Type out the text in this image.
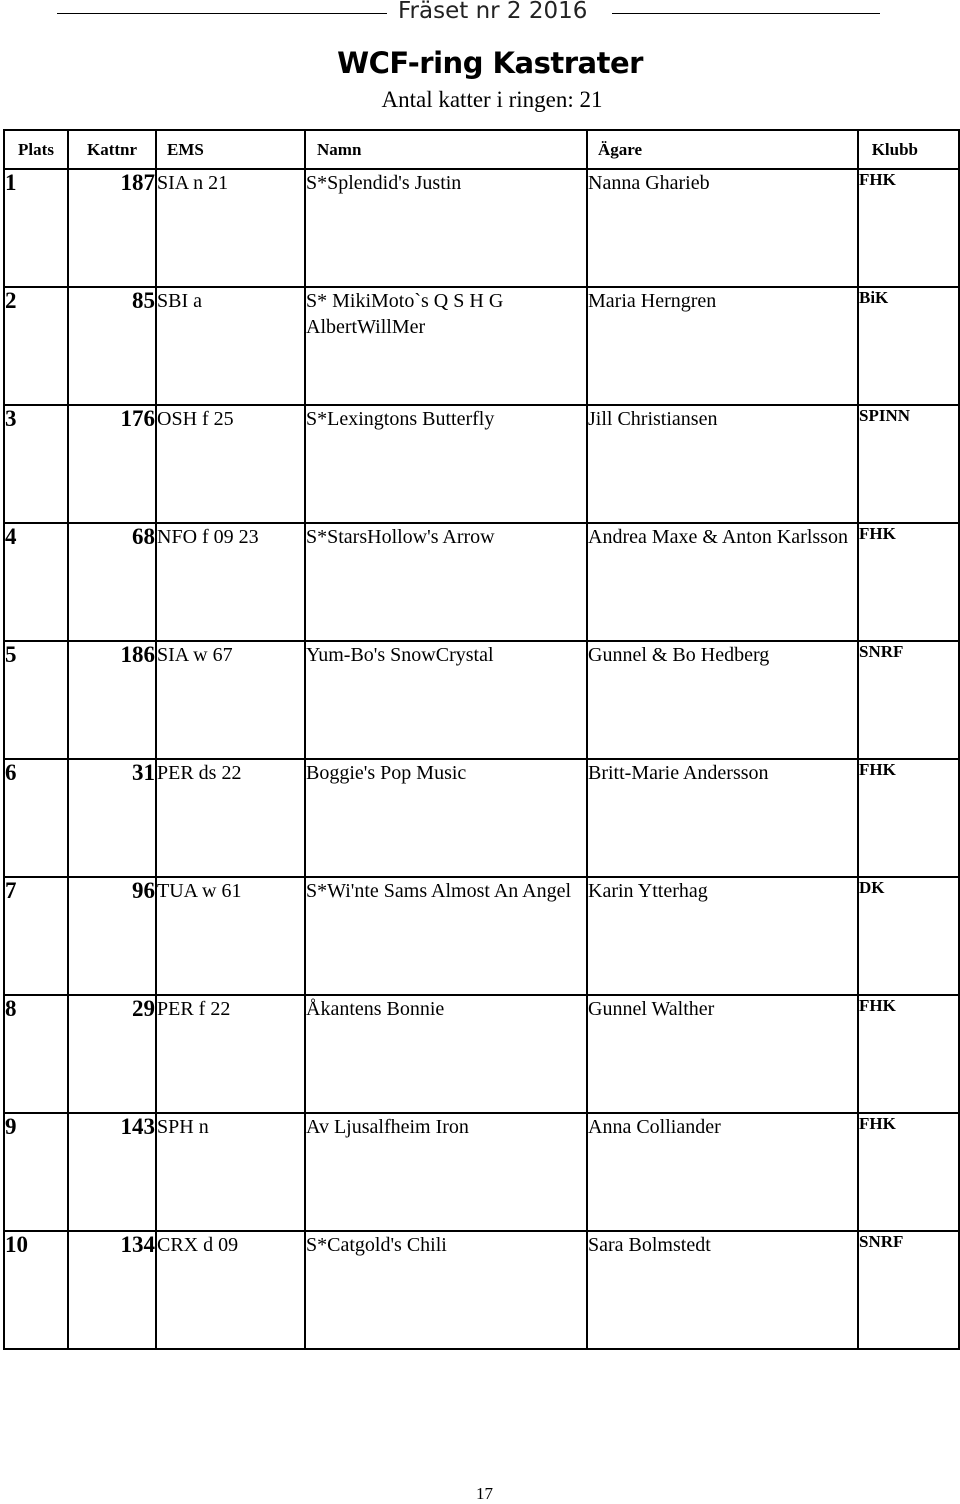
Fräset nr 2 2016
WCF-ring Kastrater
Antal katter i ringen: 21
Plats	Kattnr	EMS	Namn	Ägare	Klubb
1	187	SIA n 21	S*Splendid's Justin	Nanna Gharieb	FHK
2	85	SBI a	S* MikiMoto`s Q S H G AlbertWillMer	Maria Herngren	BiK
3	176	OSH f 25	S*Lexingtons Butterfly	Jill Christiansen	SPINN
4	68	NFO f 09 23	S*StarsHollow's Arrow	Andrea Maxe & Anton Karlsson	FHK
5	186	SIA w 67	Yum-Bo's SnowCrystal	Gunnel & Bo Hedberg	SNRF
6	31	PER ds 22	Boggie's Pop Music	Britt-Marie Andersson	FHK
7	96	TUA w 61	S*Wi'nte Sams Almost An Angel	Karin Ytterhag	DK
8	29	PER f 22	Åkantens Bonnie	Gunnel Walther	FHK
9	143	SPH n	Av Ljusalfheim Iron	Anna Colliander	FHK
10	134	CRX d 09	S*Catgold's Chili	Sara Bolmstedt	SNRF
17
